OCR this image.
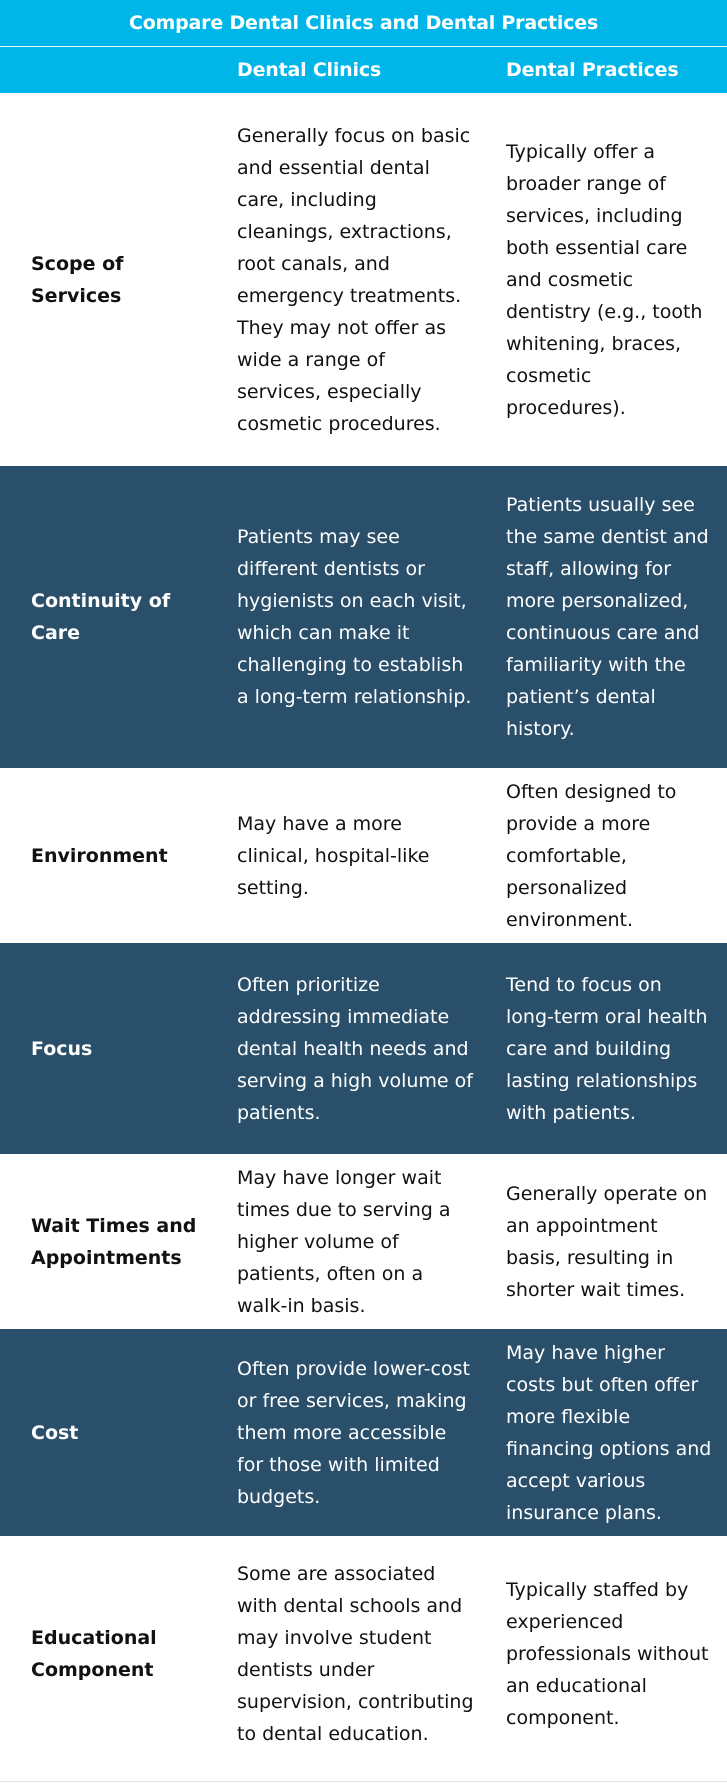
Compare Dental Clinics and Dental Practices		
	Dental Clinics	Dental Practices
Scope of Services	Generally focus on basic and essential dental care, including cleanings, extractions, root canals, and emergency treatments. They may not offer as wide a range of services, especially cosmetic procedures.	Typically offer a broader range of services, including both essential care and cosmetic dentistry (e.g., tooth whitening, braces, cosmetic procedures).
Continuity of Care	Patients may see different dentists or hygienists on each visit, which can make it challenging to establish a long-term relationship.	Patients usually see the same dentist and staff, allowing for more personalized, continuous care and familiarity with the patient’s dental history.
Environment	May have a more clinical, hospital-like setting.	Often designed to provide a more comfortable, personalized environment.
Focus	Often prioritize addressing immediate dental health needs and serving a high volume of patients.	Tend to focus on long-term oral health care and building lasting relationships with patients.
Wait Times and Appointments	May have longer wait times due to serving a higher volume of patients, often on a walk-in basis.	Generally operate on an appointment basis, resulting in shorter wait times.
Cost	Often provide lower-cost or free services, making them more accessible for those with limited budgets.	May have higher costs but often offer more flexible financing options and accept various insurance plans.
Educational Component	Some are associated with dental schools and may involve student dentists under supervision, contributing to dental education.	Typically staffed by experienced professionals without an educational component.
